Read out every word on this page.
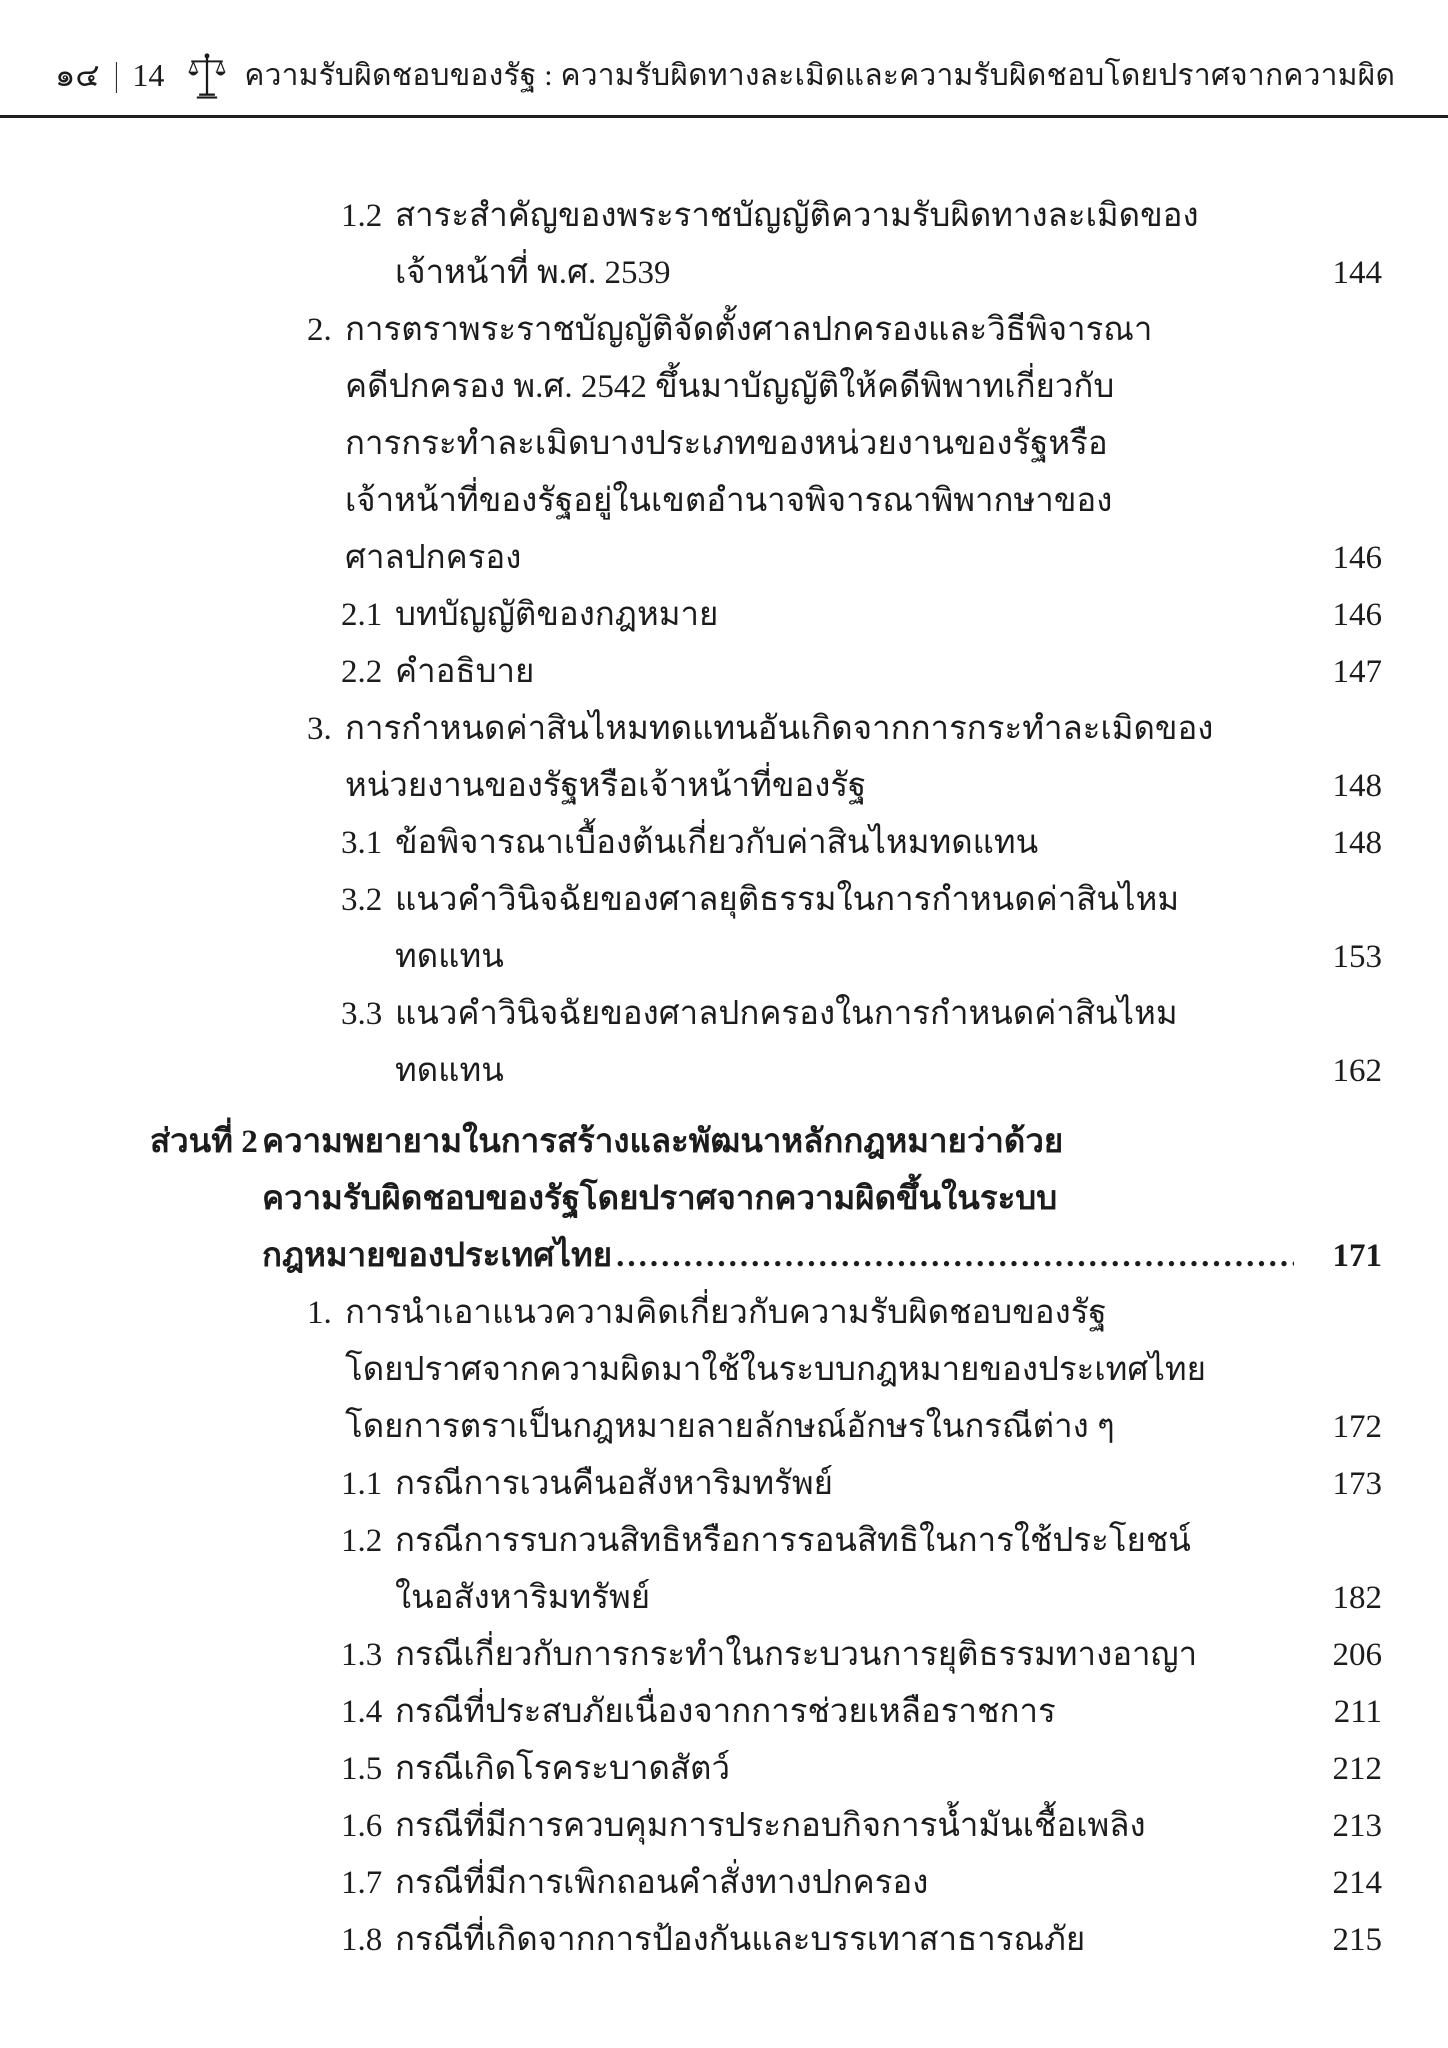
๑๔ | 14	ความรับผิดชอบของรัฐ : ความรับผิดทางละเมิดและความรับผิดชอบโดยปราศจากความผิด
1.2 สาระสำคัญของพระราชบัญญัติความรับผิดทางละเมิดของ
เจ้าหน้าที่ พ.ศ. 2539	144
2. การตราพระราชบัญญัติจัดตั้งศาลปกครองและวิธีพิจารณา
คดีปกครอง พ.ศ. 2542 ขึ้นมาบัญญัติให้คดีพิพาทเกี่ยวกับ
การกระทำละเมิดบางประเภทของหน่วยงานของรัฐหรือ
เจ้าหน้าที่ของรัฐอยู่ในเขตอำนาจพิจารณาพิพากษาของ
ศาลปกครอง	146
2.1 บทบัญญัติของกฎหมาย	146
2.2 คำอธิบาย	147
3. การกำหนดค่าสินไหมทดแทนอันเกิดจากการกระทำละเมิดของ
หน่วยงานของรัฐหรือเจ้าหน้าที่ของรัฐ	148
3.1 ข้อพิจารณาเบื้องต้นเกี่ยวกับค่าสินไหมทดแทน	148
3.2 แนวคำวินิจฉัยของศาลยุติธรรมในการกำหนดค่าสินไหม
ทดแทน	153
3.3 แนวคำวินิจฉัยของศาลปกครองในการกำหนดค่าสินไหม
ทดแทน	162
ส่วนที่ 2 ความพยายามในการสร้างและพัฒนาหลักกฎหมายว่าด้วย
ความรับผิดชอบของรัฐโดยปราศจากความผิดขึ้นในระบบ
กฎหมายของประเทศไทย .....	171
1. การนำเอาแนวความคิดเกี่ยวกับความรับผิดชอบของรัฐ
โดยปราศจากความผิดมาใช้ในระบบกฎหมายของประเทศไทย
โดยการตราเป็นกฎหมายลายลักษณ์อักษรในกรณีต่าง ๆ	172
1.1 กรณีการเวนคืนอสังหาริมทรัพย์	173
1.2 กรณีการรบกวนสิทธิหรือการรอนสิทธิในการใช้ประโยชน์
ในอสังหาริมทรัพย์	182
1.3 กรณีเกี่ยวกับการกระทำในกระบวนการยุติธรรมทางอาญา	206
1.4 กรณีที่ประสบภัยเนื่องจากการช่วยเหลือราชการ	211
1.5 กรณีเกิดโรคระบาดสัตว์	212
1.6 กรณีที่มีการควบคุมการประกอบกิจการน้ำมันเชื้อเพลิง	213
1.7 กรณีที่มีการเพิกถอนคำสั่งทางปกครอง	214
1.8 กรณีที่เกิดจากการป้องกันและบรรเทาสาธารณภัย	215
